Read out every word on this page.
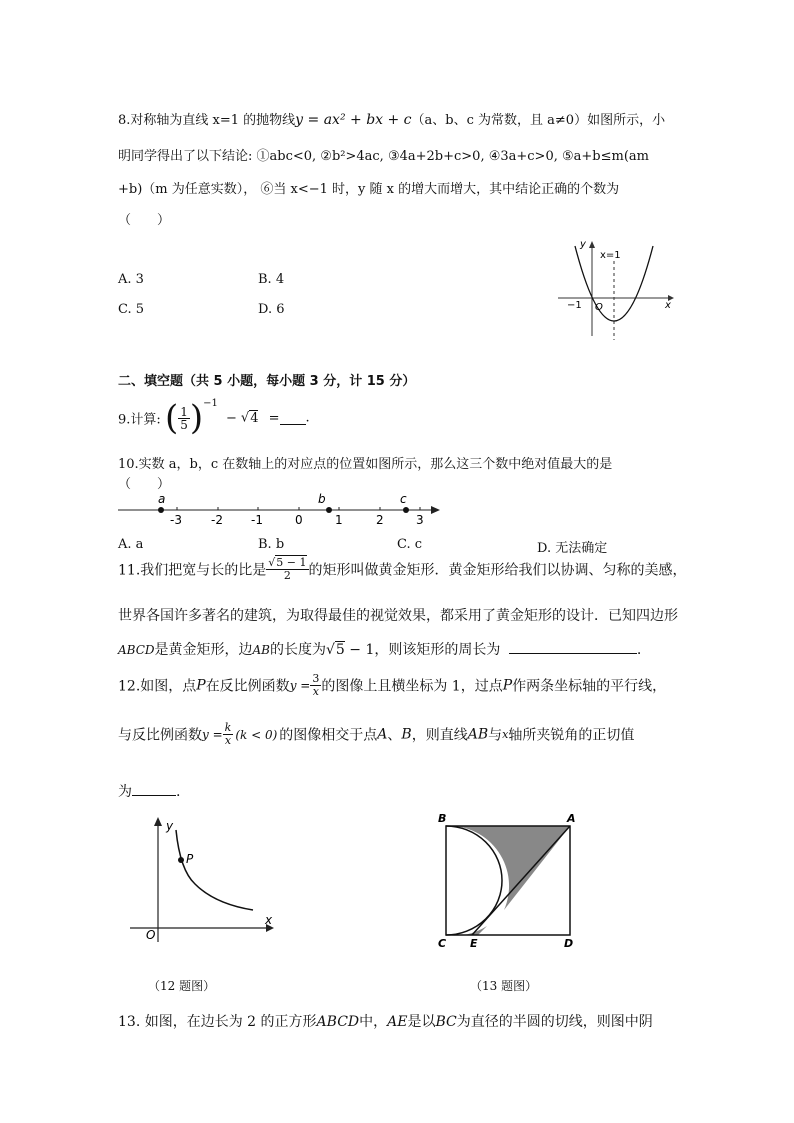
8.对称轴为直线 x=1 的抛物线y = ax² + bx + c（a、b、c 为常数，且 a≠0）如图所示，小
明同学得出了以下结论: ①abc<0, ②b²>4ac, ③4a+2b+c>0, ④3a+c>0, ⑤a+b≤m(am
+b)（m 为任意实数）， ⑥当 x<−1 时，y 随 x 的增大而增大，其中结论正确的个数为
（　　）
A. 3	B. 4
C. 5	D. 6
y
x
x=1
−1 O
二、填空题（共 5 小题，每小题 3 分，计 15 分）
9.计算: ( $\frac{1}{5} )^{-1} - √4$ = .
10.实数 a，b，c 在数轴上的对应点的位置如图所示，那么这三个数中绝对值最大的是
（　　）
-3 -2 -1	0	1	2	3
a	b	c
A. a	B. b	C. c	D. 无法确定
11.我们把宽与长的比是 $\frac{√5 - 1}{2}$ 的矩形叫做黄金矩形．黄金矩形给我们以协调、匀称的美感，
世界各国许多著名的建筑，为取得最佳的视觉效果，都采用了黄金矩形的设计．已知四边形
ABCD是黄金矩形，边AB的长度为√5 − 1，则该矩形的周长为	.
12.如图，点P在反比例函数$y = \frac{3}{x}$ 的图像上且横坐标为 1，过点P作两条坐标轴的平行线，
与反比例函数$y = \frac{k}{x} (k < 0)$ 的图像相交于点A、B，则直线AB与x轴所夹锐角的正切值
为	.
y
x
O
P
（12 题图）
B	A
C E	D
（13 题图）
13. 如图，在边长为 2 的正方形ABCD中，AE是以BC为直径的半圆的切线，则图中阴
